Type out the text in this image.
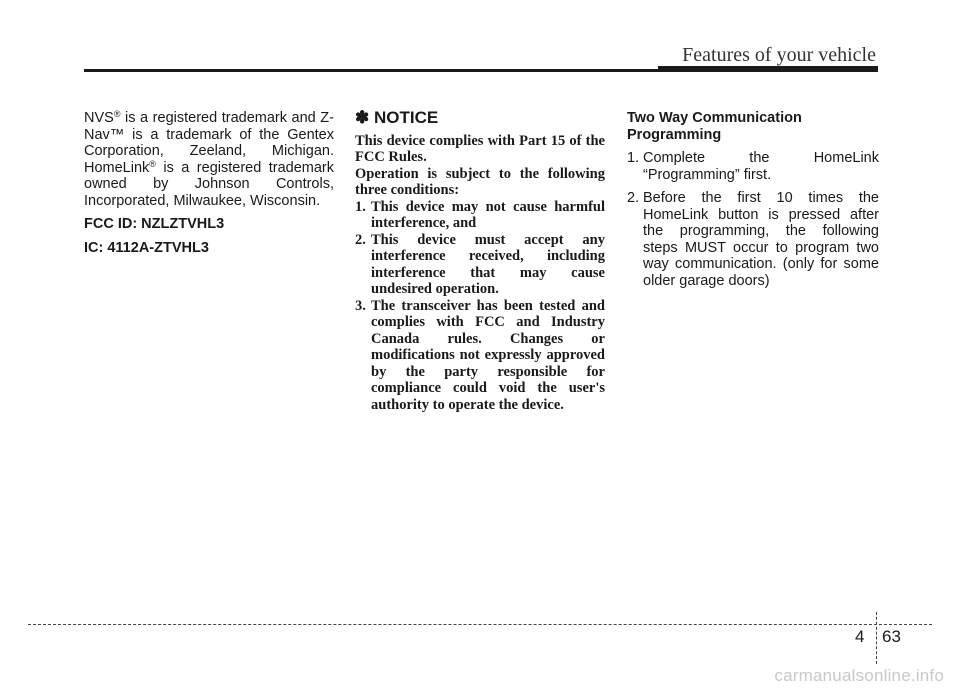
Features of your vehicle

NVS® is a registered trademark and Z-Nav™ is a trademark of the Gentex Corporation, Zeeland, Michigan. HomeLink® is a registered trademark owned by Johnson Controls, Incorporated, Milwaukee, Wisconsin.

FCC ID: NZLZTVHL3

IC: 4112A-ZTVHL3

✽ NOTICE

This device complies with Part 15 of the FCC Rules.

Operation is subject to the following three conditions:

1. This device may not cause harmful interference, and
2. This device must accept any interference received, including interference that may cause undesired operation.
3. The transceiver has been tested and complies with FCC and Industry Canada rules. Changes or modifications not expressly approved by the party responsible for compliance could void the user's authority to operate the device.

Two Way Communication Programming

1. Complete the HomeLink “Programming” first.
2. Before the first 10 times the HomeLink button is pressed after the programming, the following steps MUST occur to program two way communication. (only for some older garage doors)
4 63
carmanualsonline.info
